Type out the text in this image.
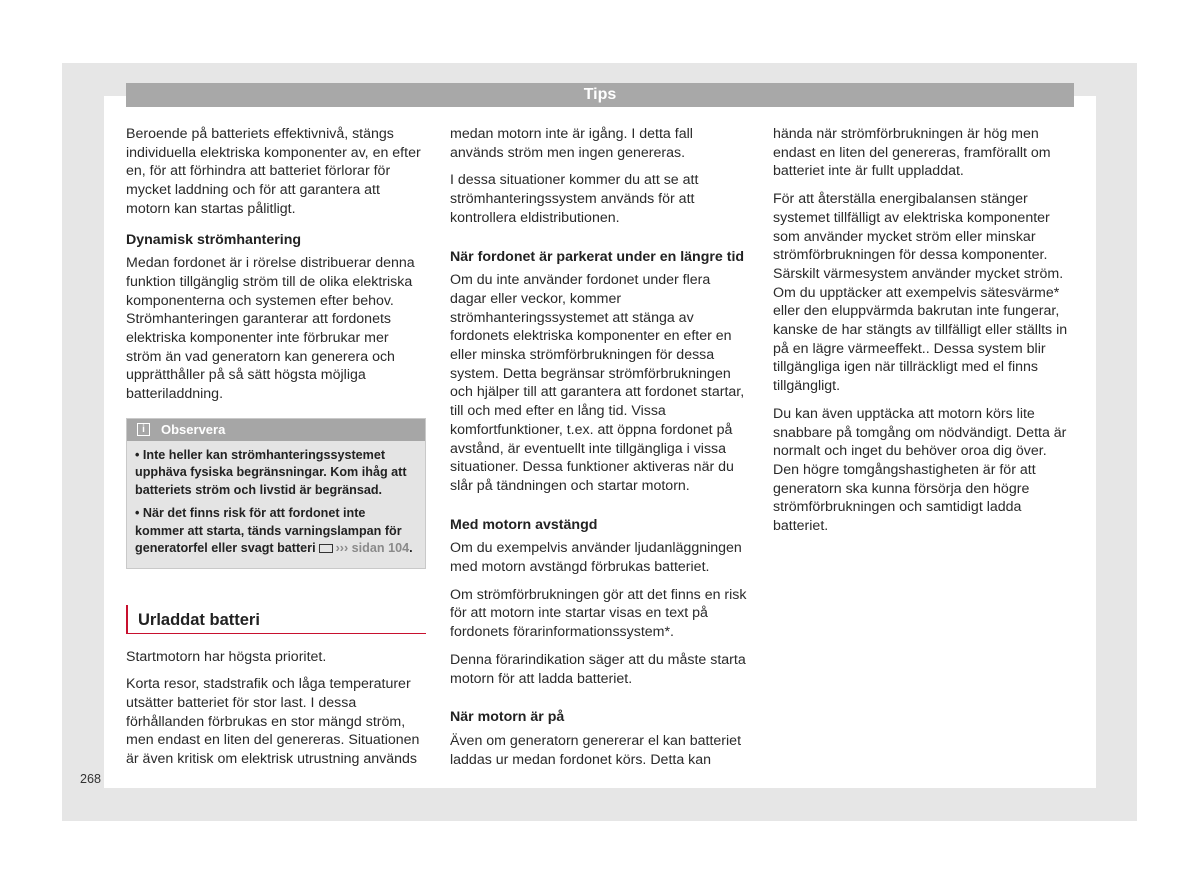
Tips

Beroende på batteriets effektivnivå, stängs individuella elektriska komponenter av, en efter en, för att förhindra att batteriet förlorar för mycket laddning och för att garantera att motorn kan startas pålitligt.

Dynamisk strömhantering

Medan fordonet är i rörelse distribuerar denna funktion tillgänglig ström till de olika elektriska komponenterna och systemen efter behov. Strömhanteringen garanterar att fordonets elektriska komponenter inte förbrukar mer ström än vad generatorn kan generera och upprätthåller på så sätt högsta möjliga batteriladdning.

i	Observera
• Inte heller kan strömhanteringssystemet upphäva fysiska begränsningar. Kom ihåg att batteriets ström och livstid är begränsad.
• När det finns risk för att fordonet inte kommer att starta, tänds varningslampan för generatorfel eller svagt batteri ››› sidan 104.
Urladdat batteri

Startmotorn har högsta prioritet.

Korta resor, stadstrafik och låga temperaturer utsätter batteriet för stor last. I dessa förhållanden förbrukas en stor mängd ström, men endast en liten del genereras. Situationen är även kritisk om elektrisk utrustning används

medan motorn inte är igång. I detta fall används ström men ingen genereras.

I dessa situationer kommer du att se att strömhanteringssystem används för att kontrollera eldistributionen.

När fordonet är parkerat under en längre tid

Om du inte använder fordonet under flera dagar eller veckor, kommer strömhanteringssystemet att stänga av fordonets elektriska komponenter en efter en eller minska strömförbrukningen för dessa system. Detta begränsar strömförbrukningen och hjälper till att garantera att fordonet startar, till och med efter en lång tid. Vissa komfortfunktioner, t.ex. att öppna fordonet på avstånd, är eventuellt inte tillgängliga i vissa situationer. Dessa funktioner aktiveras när du slår på tändningen och startar motorn.

Med motorn avstängd

Om du exempelvis använder ljudanläggningen med motorn avstängd förbrukas batteriet.

Om strömförbrukningen gör att det finns en risk för att motorn inte startar visas en text på fordonets förarinformationssystem*.

Denna förarindikation säger att du måste starta motorn för att ladda batteriet.

När motorn är på

Även om generatorn genererar el kan batteriet laddas ur medan fordonet körs. Detta kan

hända när strömförbrukningen är hög men endast en liten del genereras, framförallt om batteriet inte är fullt uppladdat.

För att återställa energibalansen stänger systemet tillfälligt av elektriska komponenter som använder mycket ström eller minskar strömförbrukningen för dessa komponenter. Särskilt värmesystem använder mycket ström. Om du upptäcker att exempelvis sätesvärme* eller den eluppvärmda bakrutan inte fungerar, kanske de har stängts av tillfälligt eller ställts in på en lägre värmeeffekt.. Dessa system blir tillgängliga igen när tillräckligt med el finns tillgängligt.

Du kan även upptäcka att motorn körs lite snabbare på tomgång om nödvändigt. Detta är normalt och inget du behöver oroa dig över. Den högre tomgångshastigheten är för att generatorn ska kunna försörja den högre strömförbrukningen och samtidigt ladda batteriet.

268
